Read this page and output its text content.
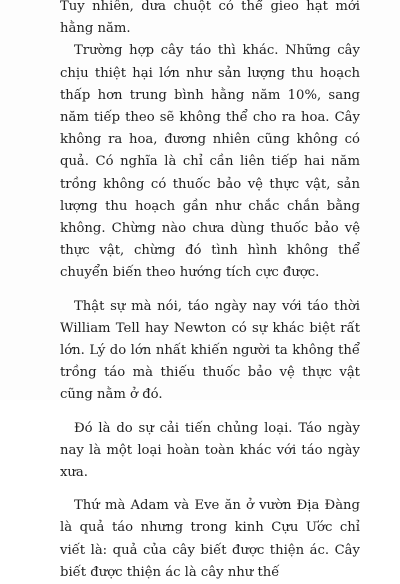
Tuy nhiên, dưa chuột có thể gieo hạt mới hằng năm.

Trường hợp cây táo thì khác. Những cây chịu thiệt hại lớn như sản lượng thu hoạch thấp hơn trung bình hằng năm 10%, sang năm tiếp theo sẽ không thể cho ra hoa. Cây không ra hoa, đương nhiên cũng không có quả. Có nghĩa là chỉ cần liên tiếp hai năm trồng không có thuốc bảo vệ thực vật, sản lượng thu hoạch gần như chắc chắn bằng không. Chừng nào chưa dùng thuốc bảo vệ thực vật, chừng đó tình hình không thể chuyển biến theo hướng tích cực được.

Thật sự mà nói, táo ngày nay với táo thời William Tell hay Newton có sự khác biệt rất lớn. Lý do lớn nhất khiến người ta không thể trồng táo mà thiếu thuốc bảo vệ thực vật cũng nằm ở đó.

Đó là do sự cải tiến chủng loại. Táo ngày nay là một loại hoàn toàn khác với táo ngày xưa.

Thứ mà Adam và Eve ăn ở vườn Địa Đàng là quả táo nhưng trong kinh Cựu Ước chỉ viết là: quả của cây biết được thiện ác. Cây biết được thiện ác là cây như thế
